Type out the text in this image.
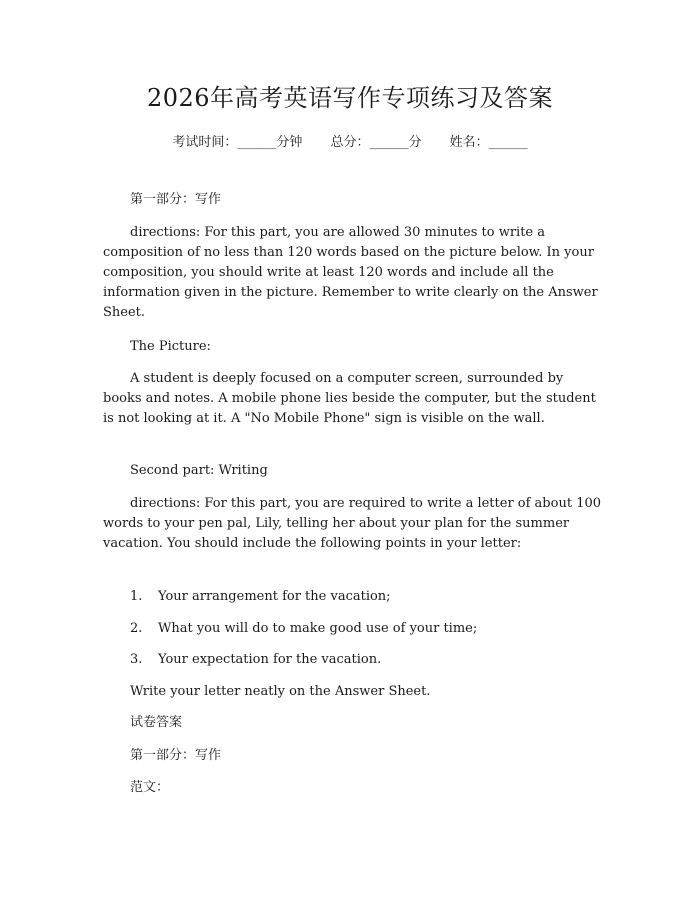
2026年高考英语写作专项练习及答案
考试时间：______分钟 总分：______分 姓名：______

第一部分：写作

directions: For this part, you are allowed 30 minutes to write a composition of no less than 120 words based on the picture below. In your composition, you should write at least 120 words and include all the information given in the picture. Remember to write clearly on the Answer Sheet.

The Picture:

A student is deeply focused on a computer screen, surrounded by books and notes. A mobile phone lies beside the computer, but the student is not looking at it. A "No Mobile Phone" sign is visible on the wall.

Second part: Writing

directions: For this part, you are required to write a letter of about 100 words to your pen pal, Lily, telling her about your plan for the summer vacation. You should include the following points in your letter:

1. Your arrangement for the vacation;

2. What you will do to make good use of your time;

3. Your expectation for the vacation.

Write your letter neatly on the Answer Sheet.

试卷答案

第一部分：写作

范文：
